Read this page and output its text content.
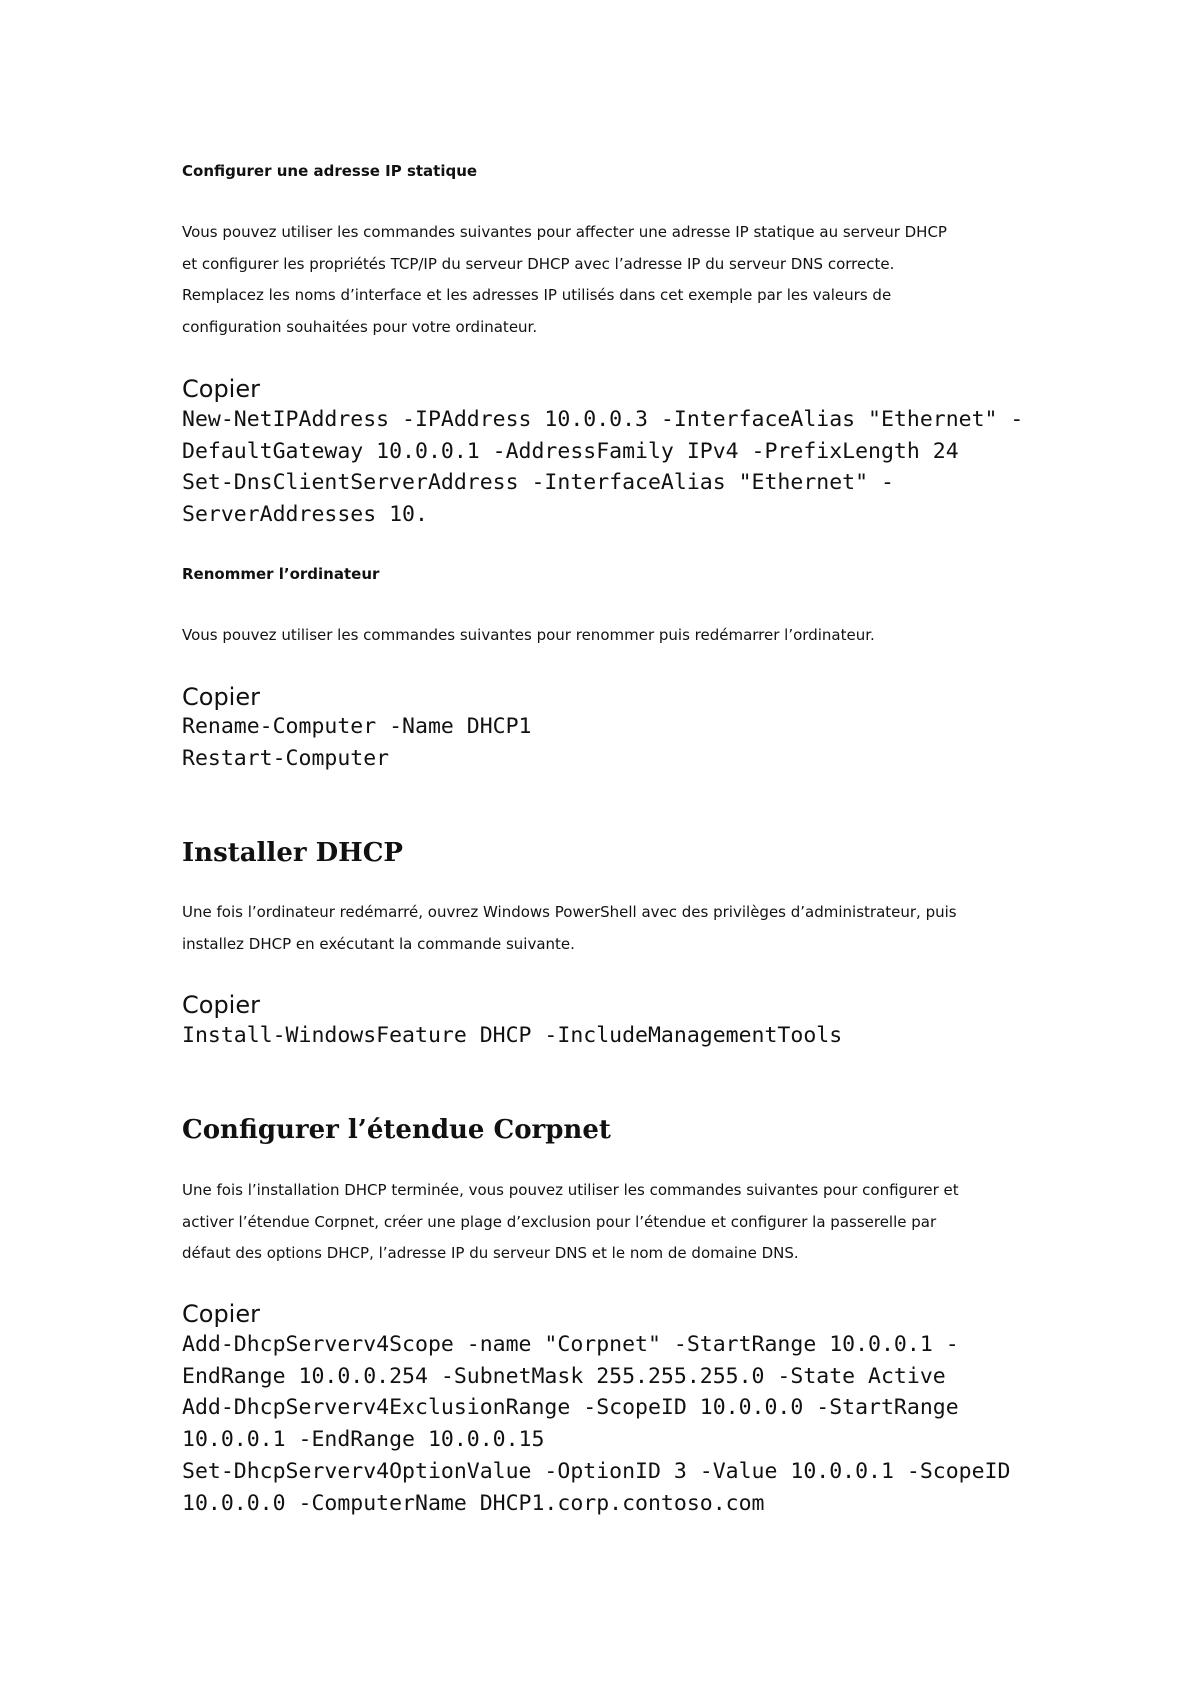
Configurer une adresse IP statique

Vous pouvez utiliser les commandes suivantes pour affecter une adresse IP statique au serveur DHCP

et configurer les propriétés TCP/IP du serveur DHCP avec l’adresse IP du serveur DNS correcte.

Remplacez les noms d’interface et les adresses IP utilisés dans cet exemple par les valeurs de

configuration souhaitées pour votre ordinateur.

Copier
New-NetIPAddress -IPAddress 10.0.0.3 -InterfaceAlias "Ethernet" -
DefaultGateway 10.0.0.1 -AddressFamily IPv4 -PrefixLength 24
Set-DnsClientServerAddress -InterfaceAlias "Ethernet" -
ServerAddresses 10.
Renommer l’ordinateur

Vous pouvez utiliser les commandes suivantes pour renommer puis redémarrer l’ordinateur.

Copier
Rename-Computer -Name DHCP1
Restart-Computer
Installer DHCP

Une fois l’ordinateur redémarré, ouvrez Windows PowerShell avec des privilèges d’administrateur, puis

installez DHCP en exécutant la commande suivante.

Copier
Install-WindowsFeature DHCP -IncludeManagementTools
Configurer l’étendue Corpnet

Une fois l’installation DHCP terminée, vous pouvez utiliser les commandes suivantes pour configurer et

activer l’étendue Corpnet, créer une plage d’exclusion pour l’étendue et configurer la passerelle par

défaut des options DHCP, l’adresse IP du serveur DNS et le nom de domaine DNS.

Copier
Add-DhcpServerv4Scope -name "Corpnet" -StartRange 10.0.0.1 -
EndRange 10.0.0.254 -SubnetMask 255.255.255.0 -State Active
Add-DhcpServerv4ExclusionRange -ScopeID 10.0.0.0 -StartRange
10.0.0.1 -EndRange 10.0.0.15
Set-DhcpServerv4OptionValue -OptionID 3 -Value 10.0.0.1 -ScopeID
10.0.0.0 -ComputerName DHCP1.corp.contoso.com
